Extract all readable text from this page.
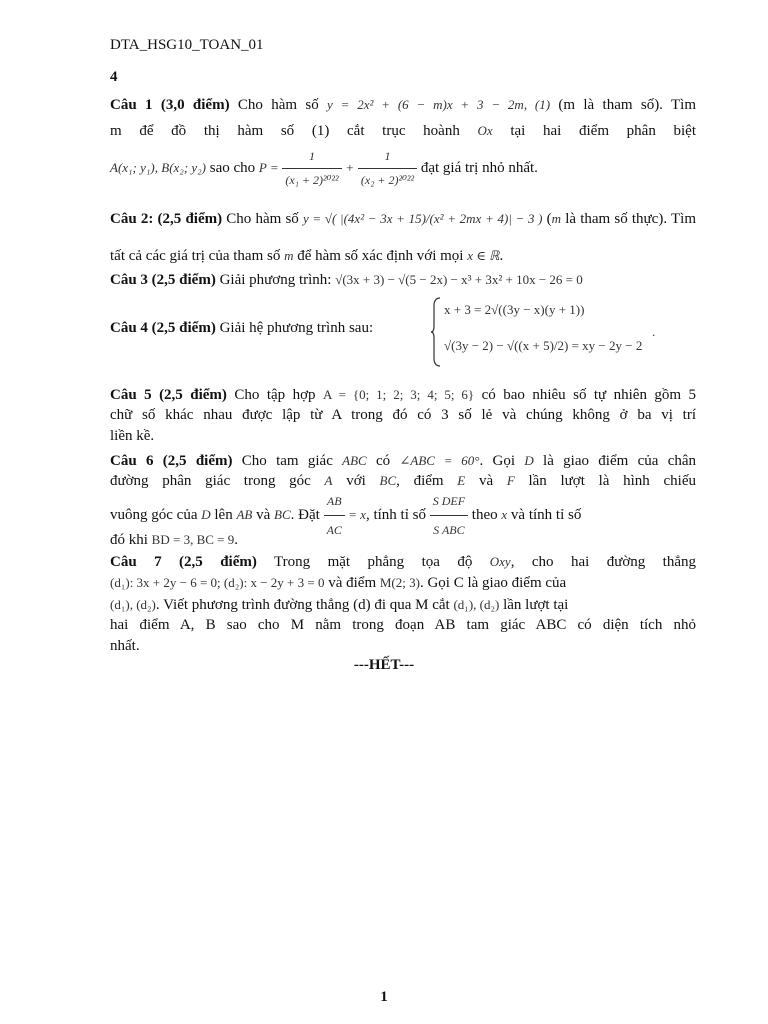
DTA_HSG10_TOAN_01
4
Câu 1 (3,0 điểm) Cho hàm số y = 2x² + (6 − m)x + 3 − 2m, (1) (m là tham số). Tìm
m để đồ thị hàm số (1) cắt trục hoành Ox tại hai điểm phân biệt
A(x₁; y₁), B(x₂; y₂) sao cho $P = \frac{1}{\text{(x₁ + 2)²⁰²²}} + \frac{1}{\text{(x₂ + 2)²⁰²²}}$ đạt giá trị nhỏ nhất.
Câu 2: (2,5 điểm) Cho hàm số y = √( |(4x² − 3x + 15)/(x² + 2mx + 4)| − 3 ) (m là tham số thực). Tìm
tất cả các giá trị của tham số m để hàm số xác định với mọi x ∈ ℝ.
Câu 3 (2,5 điểm) Giải phương trình: √(3x + 3) − √(5 − 2x) − x³ + 3x² + 10x − 26 = 0
Câu 4 (2,5 điểm) Giải hệ phương trình sau:
x + 3 = 2√((3y − x)(y + 1))
√(3y − 2) − √((x + 5)/2) = xy − 2y − 2
.
Câu 5 (2,5 điểm) Cho tập hợp A = {0; 1; 2; 3; 4; 5; 6} có bao nhiêu số tự nhiên gồm 5
chữ số khác nhau được lập từ A trong đó có 3 số lẻ và chúng không ở ba vị trí
liền kề.
Câu 6 (2,5 điểm) Cho tam giác ABC có ∠ABC = 60°. Gọi D là giao điểm của chân
đường phân giác trong góc A với BC, điểm E và F lần lượt là hình chiếu
vuông góc của D lên AB và BC. Đặt $\frac{AB}{AC} = x$, tính tỉ số $\frac{\text{S DEF}}{\text{S ABC}}$ theo x và tính tỉ số
đó khi BD = 3, BC = 9.
Câu 7 (2,5 điểm) Trong mặt phẳng tọa độ Oxy, cho hai đường thẳng
(d₁): 3x + 2y − 6 = 0; (d₂): x − 2y + 3 = 0 và điểm M(2; 3). Gọi C là giao điểm của
(d₁), (d₂). Viết phương trình đường thẳng (d) đi qua M cắt (d₁), (d₂) lần lượt tại
hai điểm A, B sao cho M nằm trong đoạn AB tam giác ABC có diện tích nhỏ
nhất.
---HẾT---
1
